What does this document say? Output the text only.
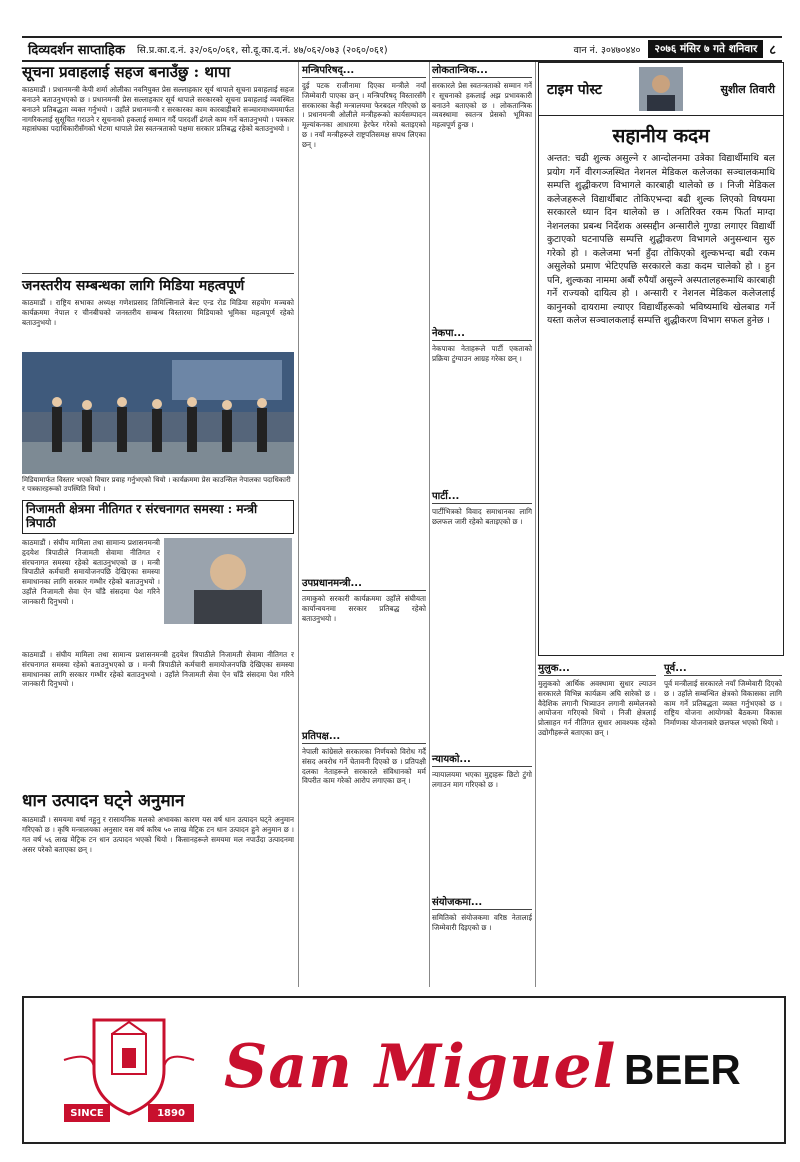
दिव्यदर्शन साप्ताहिक	सि.प्र.का.द.नं. ३२/०६०/०६१, सो.दू.का.द.नं. ४७/०६२/०७३ (२०६०/०६१)	वान नं. ३०४७०४४०	२०७६ मंसिर ७ गते शनिवार ८
सूचना प्रवाहलाई सहज बनाउँछु : थापा

काठमाडौं । प्रधानमन्त्री केपी शर्मा ओलीका नवनियुक्त प्रेस सल्लाहकार सूर्य थापाले सूचना प्रवाहलाई सहज बनाउने बताउनुभएको छ । प्रधानमन्त्री प्रेस सल्लाहकार सूर्य थापाले सरकारको सूचना प्रवाहलाई व्यवस्थित बनाउने प्रतिबद्धता व्यक्त गर्नुभयो । उहाँले प्रधानमन्त्री र सरकारका काम कारबाहीबारे सञ्चारमाध्यममार्फत नागरिकलाई सुसूचित गराउने र सूचनाको हकलाई सम्मान गर्दै पारदर्शी ढंगले काम गर्ने बताउनुभयो । पत्रकार महासंघका पदाधिकारीसँगको भेटमा थापाले प्रेस स्वतन्त्रताको पक्षमा सरकार प्रतिबद्ध रहेको बताउनुभयो ।

जनस्तरीय सम्बन्धका लागि मिडिया महत्वपूर्ण

काठमाडौं । राष्ट्रिय सभाका अध्यक्ष गणेशप्रसाद तिमिल्सिनाले बेल्ट एन्ड रोड मिडिया सहयोग मञ्चको कार्यक्रममा नेपाल र चीनबीचको जनस्तरीय सम्बन्ध विस्तारमा मिडियाको भूमिका महत्वपूर्ण रहेको बताउनुभयो ।

मिडियामार्फत विस्तार भएको विचार प्रवाह गर्नुभएको थियो । कार्यक्रममा प्रेस काउन्सिल नेपालका पदाधिकारी र पत्रकारहरूको उपस्थिति थियो ।

निजामती क्षेत्रमा नीतिगत र संरचनागत समस्या : मन्त्री त्रिपाठी

काठमाडौं । संघीय मामिला तथा सामान्य प्रशासनमन्त्री हृदयेश त्रिपाठीले निजामती सेवामा नीतिगत र संरचनागत समस्या रहेको बताउनुभएको छ । मन्त्री त्रिपाठीले कर्मचारी समायोजनपछि देखिएका समस्या समाधानका लागि सरकार गम्भीर रहेको बताउनुभयो । उहाँले निजामती सेवा ऐन चाँडै संसदमा पेश गरिने जानकारी दिनुभयो ।

काठमाडौं । संघीय मामिला तथा सामान्य प्रशासनमन्त्री हृदयेश त्रिपाठीले निजामती सेवामा नीतिगत र संरचनागत समस्या रहेको बताउनुभएको छ । मन्त्री त्रिपाठीले कर्मचारी समायोजनपछि देखिएका समस्या समाधानका लागि सरकार गम्भीर रहेको बताउनुभयो । उहाँले निजामती सेवा ऐन चाँडै संसदमा पेश गरिने जानकारी दिनुभयो ।

धान उत्पादन घट्ने अनुमान

काठमाडौं । समयमा वर्षा नहुनु र रासायनिक मलको अभावका कारण यस वर्ष धान उत्पादन घट्ने अनुमान गरिएको छ । कृषि मन्त्रालयका अनुसार यस वर्ष करिब ५० लाख मेट्रिक टन धान उत्पादन हुने अनुमान छ । गत वर्ष ५६ लाख मेट्रिक टन धान उत्पादन भएको थियो । किसानहरूले समयमा मल नपाउँदा उत्पादनमा असर परेको बताएका छन् ।

मन्त्रिपरिषद्...

दुई पटक राजीनामा दिएका मन्त्रीले नयाँ जिम्मेवारी पाएका छन् । मन्त्रिपरिषद् विस्तारसँगै सरकारका केही मन्त्रालयमा फेरबदल गरिएको छ । प्रधानमन्त्री ओलीले मन्त्रीहरूको कार्यसम्पादन मूल्यांकनका आधारमा हेरफेर गरेको बताइएको छ । नयाँ मन्त्रीहरूले राष्ट्रपतिसमक्ष सपथ लिएका छन् ।

उपप्रधानमन्त्री...

तमाकुको सरकारी कार्यक्रममा उहाँले संघीयता कार्यान्वयनमा सरकार प्रतिबद्ध रहेको बताउनुभयो ।

प्रतिपक्ष...

नेपाली कांग्रेसले सरकारका निर्णयको विरोध गर्दै संसद अवरोध गर्ने चेतावनी दिएको छ । प्रतिपक्षी दलका नेताहरूले सरकारले संविधानको मर्म विपरीत काम गरेको आरोप लगाएका छन् ।

लोकतान्त्रिक...

सरकारले प्रेस स्वतन्त्रताको सम्मान गर्ने र सूचनाको हकलाई अझ प्रभावकारी बनाउने बताएको छ । लोकतान्त्रिक व्यवस्थामा स्वतन्त्र प्रेसको भूमिका महत्वपूर्ण हुन्छ ।

नेकपा...

नेकपाका नेताहरूले पार्टी एकताको प्रक्रिया टुंग्याउन आग्रह गरेका छन् ।

पार्टी...

पार्टीभित्रको विवाद समाधानका लागि छलफल जारी रहेको बताइएको छ ।

न्यायको...

न्यायालयमा भएका मुद्दाहरू छिटो टुंगो लगाउन माग गरिएको छ ।

संयोजकमा...

समितिको संयोजकमा वरिष्ठ नेतालाई जिम्मेवारी दिइएको छ ।

टाइम पोस्ट	सुशील तिवारी
सहानीय कदम

अन्तत: चढी शुल्क असुल्ने र आन्दोलनमा उत्रेका विद्यार्थीमाथि बल प्रयोग गर्ने वीरगञ्जस्थित नेशनल मेडिकल कलेजका सञ्चालकमाथि सम्पत्ति शुद्धीकरण विभागले कारबाही थालेको छ । निजी मेडिकल कलेजहरूले विद्यार्थीबाट तोकिएभन्दा बढी शुल्क लिएको विषयमा सरकारले ध्यान दिन थालेको छ । अतिरिक्त रकम फिर्ता माग्दा नेशनलका प्रबन्ध निर्देशक अस्सद्दीन अन्सारीले गुण्डा लगाएर विद्यार्थी कुटाएको घटनापछि सम्पत्ति शुद्धीकरण विभागले अनुसन्धान सुरु गरेको हो । कलेजमा भर्ना हुँदा तोकिएको शुल्कभन्दा बढी रकम असुलेको प्रमाण भेटिएपछि सरकारले कडा कदम चालेको हो । हुन पनि, शुल्कका नाममा अबौं रुपैयाँ असुल्ने अस्पतालहरूमाथि कारबाही गर्ने राज्यको दायित्व हो । अन्सारी र नेशनल मेडिकल कलेजलाई कानुनको दायरामा ल्याएर विद्यार्थीहरूको भविष्यमाथि खेलबाड गर्ने यस्ता कलेज सञ्चालकलाई सम्पत्ति शुद्धीकरण विभाग सफल हुनेछ ।

मुलुक...

मुलुकको आर्थिक अवस्थामा सुधार ल्याउन सरकारले विभिन्न कार्यक्रम अघि सारेको छ । वैदेशिक लगानी भित्र्याउन लगानी सम्मेलनको आयोजना गरिएको थियो । निजी क्षेत्रलाई प्रोत्साहन गर्न नीतिगत सुधार आवश्यक रहेको उद्योगीहरूले बताएका छन् ।

पूर्व...

पूर्व मन्त्रीलाई सरकारले नयाँ जिम्मेवारी दिएको छ । उहाँले सम्बन्धित क्षेत्रको विकासका लागि काम गर्ने प्रतिबद्धता व्यक्त गर्नुभएको छ । राष्ट्रिय योजना आयोगको बैठकमा विकास निर्माणका योजनाबारे छलफल भएको थियो ।

SINCE	1890
San Miguel BEER
